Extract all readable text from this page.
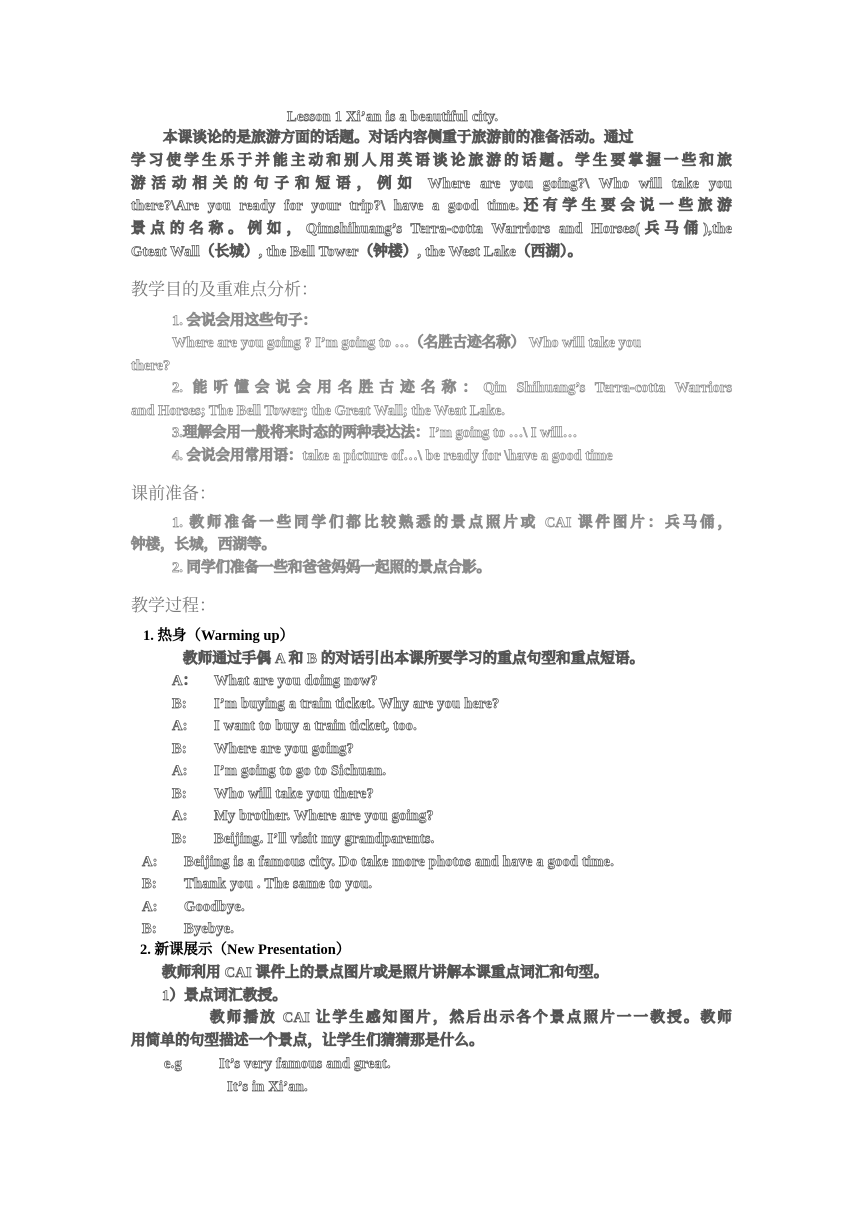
Lesson 1 Xi’an is a beautiful city.
本课谈论的是旅游方面的话题。对话内容侧重于旅游前的准备活动。通过
学习使学生乐于并能主动和别人用英语谈论旅游的话题。学生要掌握一些和旅
游活动相关的句子和短语，例如 Where are you going?\ Who will take you
there?\Are you ready for your trip?\ have a good time.还有学生要会说一些旅游
景点的名称。例如，Qimshihuang’s Terra-cotta Warriors and Horses(兵马俑),the
Gteat Wall（长城）, the Bell Tower（钟楼）, the West Lake（西湖）。
教学目的及重难点分析：
1. 会说会用这些句子：
Where are you going ? I’m going to …（名胜古迹名称） Who will take you
there?
2. 能听懂会说会用名胜古迹名称：Qin Shihuang’s Terra-cotta Warriors
and Horses; The Bell Tower; the Great Wall; the Weat Lake.
3.理解会用一般将来时态的两种表达法：I’m going to …\ I will…
4. 会说会用常用语：take a picture of…\ be ready for \have a good time
课前准备：
1. 教师准备一些同学们都比较熟悉的景点照片或 CAI 课件图片：兵马俑，
钟楼，长城，西湖等。
2. 同学们准备一些和爸爸妈妈一起照的景点合影。
教学过程：
1. 热身（Warming up）
教师通过手偶 A 和 B 的对话引出本课所要学习的重点句型和重点短语。
A： What are you doing now?
B: I’m buying a train ticket. Why are you here?
A: I want to buy a train ticket, too.
B: Where are you going?
A: I’m going to go to Sichuan.
B: Who will take you there?
A: My brother. Where are you going?
B: Beijing. I’ll visit my grandparents.
A: Beijing is a famous city. Do take more photos and have a good time.
B: Thank you . The same to you.
A: Goodbye.
B: Byebye.
2. 新课展示（New Presentation）
教师利用 CAI 课件上的景点图片或是照片讲解本课重点词汇和句型。
1）景点词汇教授。
教师播放 CAI 让学生感知图片，然后出示各个景点照片一一教授。教师
用简单的句型描述一个景点，让学生们猜猜那是什么。
e.g	It’s very famous and great.
It’s in Xi’an.
